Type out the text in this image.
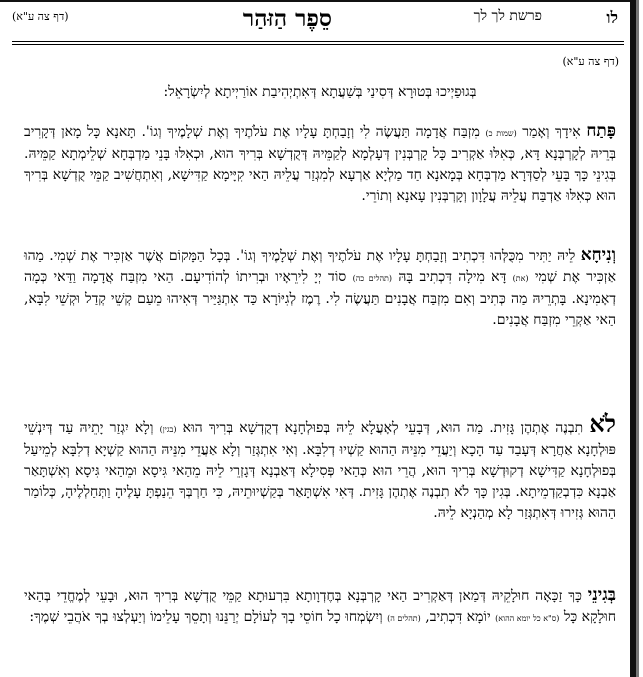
לו
פרשת לך לך
סֵפֶר הַזּהַר
(דף צה ע"א)
(דף צה ע"א)
בְּגוּפַיְיכוּ בְּטוּרָא דְּסִינַי בְּשַׁעֲתָא דְּאִתְיְהִיבַת אוֹרַיְיתָא לְיִשְׂרָאֵל:
פָּתַח אִידָךְ וְאָמַר (שמות כ) מִזְבַּח אֲדָמָה תַּעֲשֶׂה לִי וְזָבַחְתָּ עָלָיו אֶת עֹלֹתֶיךָ וְאֶת שְׁלָמֶיךָ וְגוֹ'. תָּאנָא כָּל מָאן דְּקָרִיב בְּרֵיהּ לְקָרְבְּנָא דָּא, כְּאִלּוּ אַקְרִיב כָּל קָרְבְּנִין דְּעָלְמָא לְקַמֵּיהּ דְּקֻדְשָׁא בְּרִיךְ הוּא, וּכְאִלּוּ בָּנֵי מַדְבְּחָא שְׁלֵימְתָא קַמֵּיהּ. בְּגִינֵי כָּךְ בָּעֵי לְסַדְּרָא מַדְבְּחָא בְּמָאנָא חַד מַלְיָא אַרְעָא לְמִגְזַר עֲלֵיהּ הַאי קִיָּימָא קַדִּישָׁא, וְאִתְחֲשִׁיב קַמֵּי קֻדְשָׁא בְּרִיךְ הוּא כְּאִלּוּ אַדְבַּח עֲלֵיהּ עֲלָוָון וְקָרְבְּנִין עָאנָא וְתוֹרֵי.
וְנִיחָא לֵיהּ יַתִּיר מִכֻּלְּהוּ דִּכְתִיב וְזָבַחְתָּ עָלָיו אֶת עֹלֹתֶיךָ וְאֶת שְׁלָמֶיךָ וְגוֹ'. בְּכָל הַמָּקוֹם אֲשֶׁר אַזְכִּיר אֶת שְׁמִי. מַהוּ אַזְכִּיר אֶת שְׁמִי (את) דָּא מִילָה דִּכְתִיב בָּהּ (תהלים כה) סוֹד יְיָ לִירֵאָיו וּבְרִיתוֹ לְהוֹדִיעָם. הַאי מִזְבַּח אֲדָמָה וַדַּאי כְּמָה דְאָמִינָא. בָּתְרֵיהּ מַה כְּתִיב וְאִם מִזְבַּח אֲבָנִים תַּעֲשֶׂה לִי. רֶמֶז לְגִיּוֹרָא כַּד אִתְגַּיַּיר דְּאִיהוּ מֵעַם קְשֵׁי קְדַל וּקְשֵׁי לִבָּא, הַאי אַקְרֵי מִזְבַּח אֲבָנִים.
לֹא תִבְנֶה אֶתְהֶן גָּזִית. מַה הוּא, דְּבָעֵי לְאָעֲלָא לֵיהּ בְּפוּלְחָנָא דְקֻדְשָׁא בְּרִיךְ הוּא (בגין) וְלָא יִגְזַר יָתֵיהּ עַד דְּיִנְשֵׁי פּוּלְחָנָא אַחֲרָא דְּעָבַד עַד הָכָא וְיַעֲדֵי מִנֵּיהּ הַהוּא קַשְׁיוּ דְלִבָּא. וְאִי אִתְגְּזַר וְלָא אַעֲדֵי מִנֵּיהּ הַהוּא קַשְׁיָא דְלִבָּא לְמֵיעַל בְּפוּלְחָנָא קַדִּישָׁא דְקוּדְשָׁא בְּרִיךְ הוּא, הֲרֵי הוּא כְּהַאי פְּסִילָא דְּאַבְנָא דְּגָזְרֵי לֵיהּ מֵהַאי גִּיסָא וּמֵהַאי גִּיסָא וְאִשְׁתָּאַר אַבְנָא כִּדְבְקַדְמֵיתָא. בְּגִין כָּךְ לֹא תִבְנֶה אֶתְהֶן גָּזִית. דְּאִי אִשְׁתָּאַר בְּקַשְׁיוּתֵיהּ, כִּי חַרְבְּךָ הֵנַפְתָּ עָלֶיהָ וַתְּחַלְלֶיהָ, כְּלוֹמַר הַהוּא גְּזִירוּ דְּאִתְגְּזַר לָא מְהַנְיָא לֵיהּ.
בְּגִינֵי כָּךְ זַכָּאָה חוּלָקֵיהּ דְּמַאן דְּאַקְרִיב הַאי קָרְבְּנָא בְּחֶדְוָותָא בִּרְעוּתָא קַמֵּי קֻדְשָׁא בְּרִיךְ הוּא, וּבָעֵי לְמֶחֱדֵי בְּהַאי חוּלָקָא כָּל (ס"א כל יומא ההוא) יוֹמָא דִּכְתִיב, (תהלים ה) וְיִשְׂמְחוּ כָל חוֹסֵי בָךְ לְעוֹלָם יְרַנֵּנוּ וְתָסֵךְ עָלֵימוֹ וְיַעְלְצוּ בְךָ אֹהֲבֵי שְׁמֶךָ:
